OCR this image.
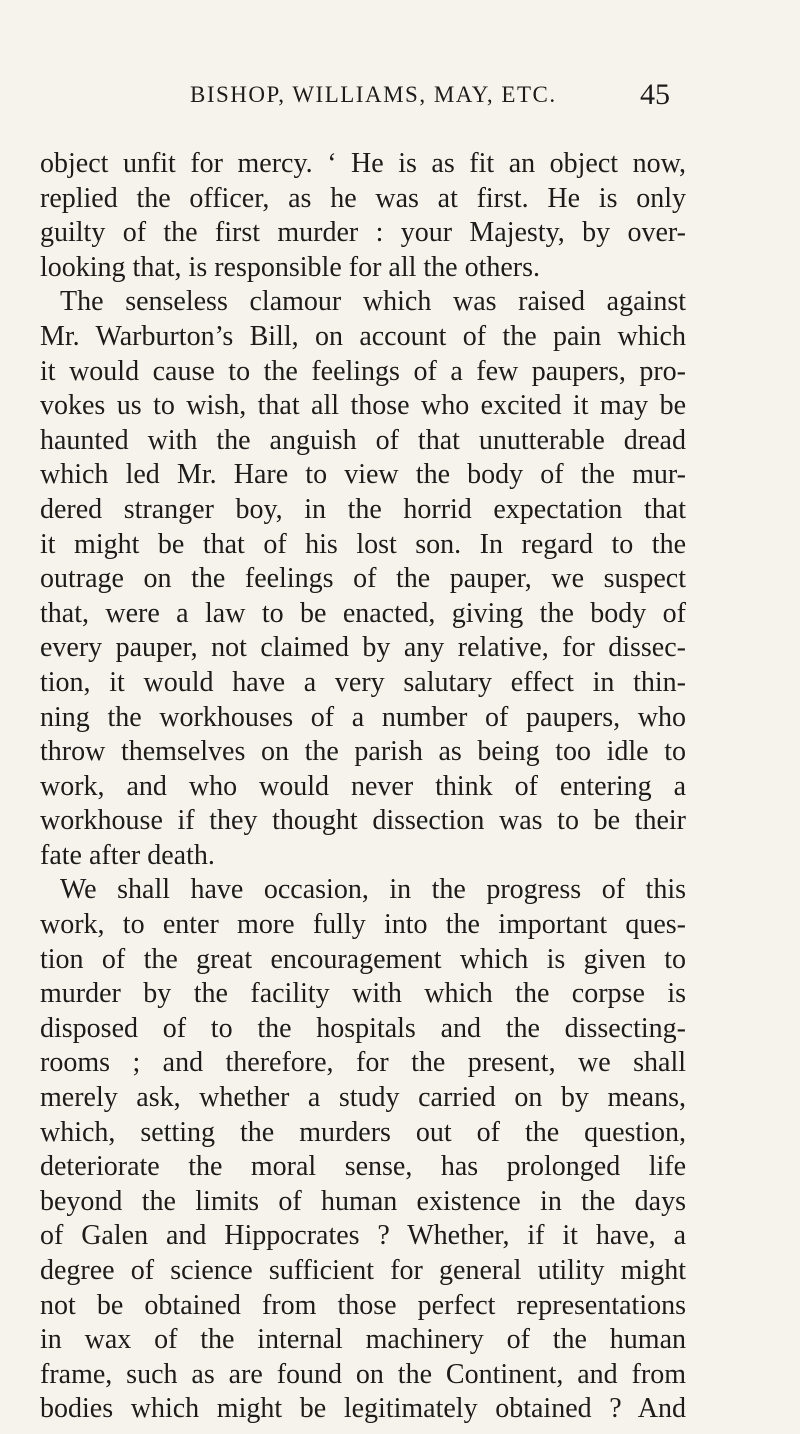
BISHOP, WILLIAMS, MAY, ETC.	45
object unfit for mercy. ‘ He is as fit an object now,
replied the officer, as he was at first. He is only
guilty of the first murder : your Majesty, by over-
looking that, is responsible for all the others.
The senseless clamour which was raised against
Mr. Warburton’s Bill, on account of the pain which
it would cause to the feelings of a few paupers, pro-
vokes us to wish, that all those who excited it may be
haunted with the anguish of that unutterable dread
which led Mr. Hare to view the body of the mur-
dered stranger boy, in the horrid expectation that
it might be that of his lost son. In regard to the
outrage on the feelings of the pauper, we suspect
that, were a law to be enacted, giving the body of
every pauper, not claimed by any relative, for dissec-
tion, it would have a very salutary effect in thin-
ning the workhouses of a number of paupers, who
throw themselves on the parish as being too idle to
work, and who would never think of entering a
workhouse if they thought dissection was to be their
fate after death.
We shall have occasion, in the progress of this
work, to enter more fully into the important ques-
tion of the great encouragement which is given to
murder by the facility with which the corpse is
disposed of to the hospitals and the dissecting-
rooms ; and therefore, for the present, we shall
merely ask, whether a study carried on by means,
which, setting the murders out of the question,
deteriorate the moral sense, has prolonged life
beyond the limits of human existence in the days
of Galen and Hippocrates ? Whether, if it have, a
degree of science sufficient for general utility might
not be obtained from those perfect representations
in wax of the internal machinery of the human
frame, such as are found on the Continent, and from
bodies which might be legitimately obtained ? And
